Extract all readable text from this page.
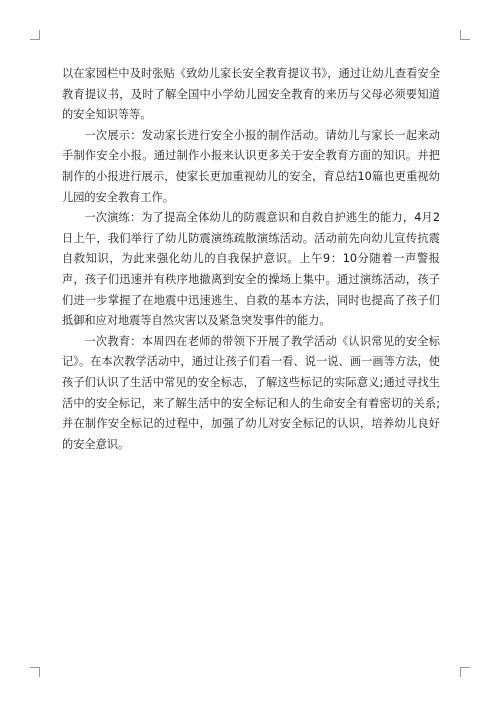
以在家园栏中及时张贴《致幼儿家长安全教育提议书》，通过让幼儿查看安全教育提议书，及时了解全国中小学幼儿园安全教育的来历与父母必须要知道的安全知识等等。

一次展示：发动家长进行安全小报的制作活动。请幼儿与家长一起来动手制作安全小报。通过制作小报来认识更多关于安全教育方面的知识。并把制作的小报进行展示，使家长更加重视幼儿的安全，育总结10篇也更重视幼儿园的安全教育工作。

一次演练：为了提高全体幼儿的防震意识和自救自护逃生的能力，4月2日上午，我们举行了幼儿防震演练疏散演练活动。活动前先向幼儿宣传抗震自救知识，为此来强化幼儿的自我保护意识。上午9：10分随着一声警报声，孩子们迅速并有秩序地撤离到安全的操场上集中。通过演练活动，孩子们进一步掌握了在地震中迅速逃生、自救的基本方法，同时也提高了孩子们抵御和应对地震等自然灾害以及紧急突发事件的能力。

一次教育：本周四在老师的带领下开展了教学活动《认识常见的安全标记》。在本次教学活动中，通过让孩子们看一看、说一说、画一画等方法，使孩子们认识了生活中常见的安全标志，了解这些标记的实际意义;通过寻找生活中的安全标记，来了解生活中的安全标记和人的生命安全有着密切的关系;并在制作安全标记的过程中，加强了幼儿对安全标记的认识，培养幼儿良好的安全意识。
